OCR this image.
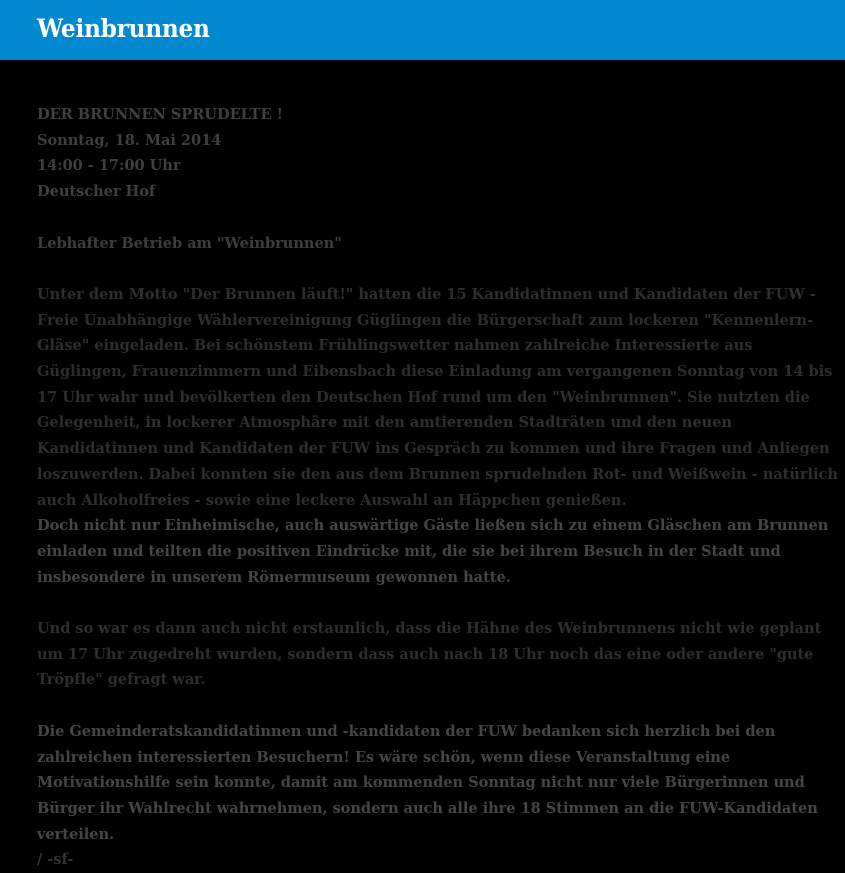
Weinbrunnen

DER BRUNNEN SPRUDELTE !

Sonntag, 18. Mai 2014

14:00 - 17:00 Uhr

Deutscher Hof

Lebhafter Betrieb am "Weinbrunnen"

Unter dem Motto "Der Brunnen läuft!" hatten die 15 Kandidatinnen und Kandidaten der FUW - Freie Unabhängige Wählervereinigung Güglingen die Bürgerschaft zum lockeren "Kennenlern-Gläse" eingeladen. Bei schönstem Frühlingswetter nahmen zahlreiche Interessierte aus Güglingen, Frauenzimmern und Eibensbach diese Einladung am vergangenen Sonntag von 14 bis 17 Uhr wahr und bevölkerten den Deutschen Hof rund um den "Weinbrunnen". Sie nutzten die Gelegenheit, in lockerer Atmosphäre mit den amtierenden Stadträten und den neuen Kandidatinnen und Kandidaten der FUW ins Gespräch zu kommen und ihre Fragen und Anliegen loszuwerden. Dabei konnten sie den aus dem Brunnen sprudelnden Rot- und Weißwein - natürlich auch Alkoholfreies - sowie eine leckere Auswahl an Häppchen genießen.

Doch nicht nur Einheimische, auch auswärtige Gäste ließen sich zu einem Gläschen am Brunnen einladen und teilten die positiven Eindrücke mit, die sie bei ihrem Besuch in der Stadt und insbesondere in unserem Römermuseum gewonnen hatte.

Und so war es dann auch nicht erstaunlich, dass die Hähne des Weinbrunnens nicht wie geplant um 17 Uhr zugedreht wurden, sondern dass auch nach 18 Uhr noch das eine oder andere "gute Tröpfle" gefragt war.

Die Gemeinderatskandidatinnen und -kandidaten der FUW bedanken sich herzlich bei den zahlreichen interessierten Besuchern! Es wäre schön, wenn diese Veranstaltung eine Motivationshilfe sein konnte, damit am kommenden Sonntag nicht nur viele Bürgerinnen und Bürger ihr Wahlrecht wahrnehmen, sondern auch alle ihre 18 Stimmen an die FUW-Kandidaten verteilen.

/ -sf-
